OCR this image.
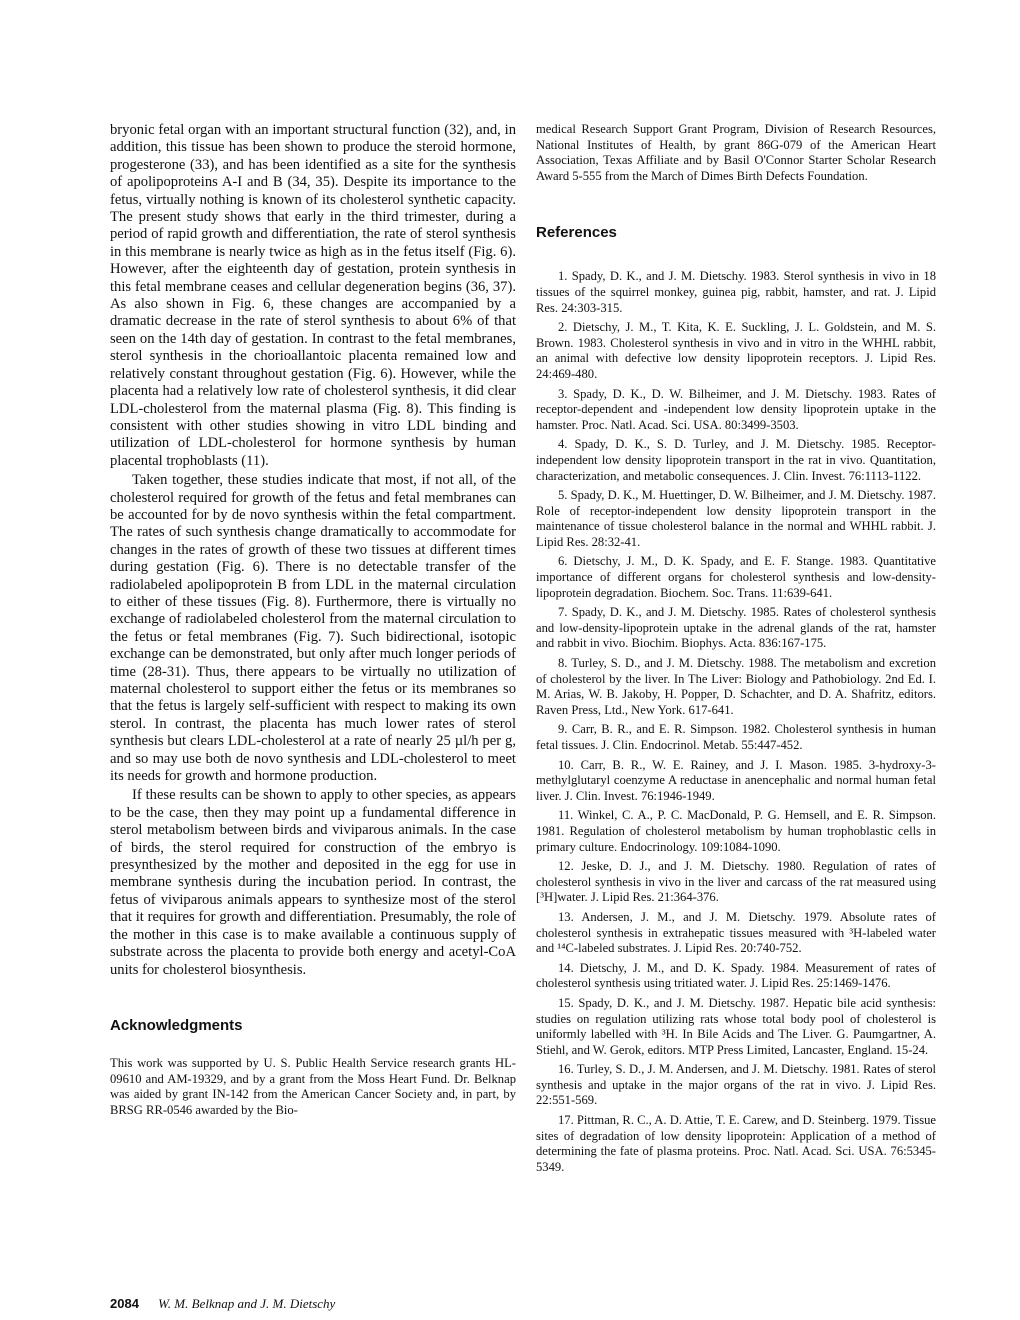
bryonic fetal organ with an important structural function (32), and, in addition, this tissue has been shown to produce the steroid hormone, progesterone (33), and has been identified as a site for the synthesis of apolipoproteins A-I and B (34, 35). Despite its importance to the fetus, virtually nothing is known of its cholesterol synthetic capacity. The present study shows that early in the third trimester, during a period of rapid growth and differentiation, the rate of sterol synthesis in this membrane is nearly twice as high as in the fetus itself (Fig. 6). However, after the eighteenth day of gestation, protein synthesis in this fetal membrane ceases and cellular degeneration begins (36, 37). As also shown in Fig. 6, these changes are accompanied by a dramatic decrease in the rate of sterol synthesis to about 6% of that seen on the 14th day of gestation. In contrast to the fetal membranes, sterol synthesis in the chorioallantoic placenta remained low and relatively constant throughout gestation (Fig. 6). However, while the placenta had a relatively low rate of cholesterol synthesis, it did clear LDL-cholesterol from the maternal plasma (Fig. 8). This finding is consistent with other studies showing in vitro LDL binding and utilization of LDL-cholesterol for hormone synthesis by human placental trophoblasts (11).

Taken together, these studies indicate that most, if not all, of the cholesterol required for growth of the fetus and fetal membranes can be accounted for by de novo synthesis within the fetal compartment. The rates of such synthesis change dramatically to accommodate for changes in the rates of growth of these two tissues at different times during gestation (Fig. 6). There is no detectable transfer of the radiolabeled apolipoprotein B from LDL in the maternal circulation to either of these tissues (Fig. 8). Furthermore, there is virtually no exchange of radiolabeled cholesterol from the maternal circulation to the fetus or fetal membranes (Fig. 7). Such bidirectional, isotopic exchange can be demonstrated, but only after much longer periods of time (28-31). Thus, there appears to be virtually no utilization of maternal cholesterol to support either the fetus or its membranes so that the fetus is largely self-sufficient with respect to making its own sterol. In contrast, the placenta has much lower rates of sterol synthesis but clears LDL-cholesterol at a rate of nearly 25 µl/h per g, and so may use both de novo synthesis and LDL-cholesterol to meet its needs for growth and hormone production.

If these results can be shown to apply to other species, as appears to be the case, then they may point up a fundamental difference in sterol metabolism between birds and viviparous animals. In the case of birds, the sterol required for construction of the embryo is presynthesized by the mother and deposited in the egg for use in membrane synthesis during the incubation period. In contrast, the fetus of viviparous animals appears to synthesize most of the sterol that it requires for growth and differentiation. Presumably, the role of the mother in this case is to make available a continuous supply of substrate across the placenta to provide both energy and acetyl-CoA units for cholesterol biosynthesis.

Acknowledgments

This work was supported by U. S. Public Health Service research grants HL-09610 and AM-19329, and by a grant from the Moss Heart Fund. Dr. Belknap was aided by grant IN-142 from the American Cancer Society and, in part, by BRSG RR-0546 awarded by the Bio-

medical Research Support Grant Program, Division of Research Resources, National Institutes of Health, by grant 86G-079 of the American Heart Association, Texas Affiliate and by Basil O'Connor Starter Scholar Research Award 5-555 from the March of Dimes Birth Defects Foundation.

References

1. Spady, D. K., and J. M. Dietschy. 1983. Sterol synthesis in vivo in 18 tissues of the squirrel monkey, guinea pig, rabbit, hamster, and rat. J. Lipid Res. 24:303-315.

2. Dietschy, J. M., T. Kita, K. E. Suckling, J. L. Goldstein, and M. S. Brown. 1983. Cholesterol synthesis in vivo and in vitro in the WHHL rabbit, an animal with defective low density lipoprotein receptors. J. Lipid Res. 24:469-480.

3. Spady, D. K., D. W. Bilheimer, and J. M. Dietschy. 1983. Rates of receptor-dependent and -independent low density lipoprotein uptake in the hamster. Proc. Natl. Acad. Sci. USA. 80:3499-3503.

4. Spady, D. K., S. D. Turley, and J. M. Dietschy. 1985. Receptor-independent low density lipoprotein transport in the rat in vivo. Quantitation, characterization, and metabolic consequences. J. Clin. Invest. 76:1113-1122.

5. Spady, D. K., M. Huettinger, D. W. Bilheimer, and J. M. Dietschy. 1987. Role of receptor-independent low density lipoprotein transport in the maintenance of tissue cholesterol balance in the normal and WHHL rabbit. J. Lipid Res. 28:32-41.

6. Dietschy, J. M., D. K. Spady, and E. F. Stange. 1983. Quantitative importance of different organs for cholesterol synthesis and low-density-lipoprotein degradation. Biochem. Soc. Trans. 11:639-641.

7. Spady, D. K., and J. M. Dietschy. 1985. Rates of cholesterol synthesis and low-density-lipoprotein uptake in the adrenal glands of the rat, hamster and rabbit in vivo. Biochim. Biophys. Acta. 836:167-175.

8. Turley, S. D., and J. M. Dietschy. 1988. The metabolism and excretion of cholesterol by the liver. In The Liver: Biology and Pathobiology. 2nd Ed. I. M. Arias, W. B. Jakoby, H. Popper, D. Schachter, and D. A. Shafritz, editors. Raven Press, Ltd., New York. 617-641.

9. Carr, B. R., and E. R. Simpson. 1982. Cholesterol synthesis in human fetal tissues. J. Clin. Endocrinol. Metab. 55:447-452.

10. Carr, B. R., W. E. Rainey, and J. I. Mason. 1985. 3-hydroxy-3-methylglutaryl coenzyme A reductase in anencephalic and normal human fetal liver. J. Clin. Invest. 76:1946-1949.

11. Winkel, C. A., P. C. MacDonald, P. G. Hemsell, and E. R. Simpson. 1981. Regulation of cholesterol metabolism by human trophoblastic cells in primary culture. Endocrinology. 109:1084-1090.

12. Jeske, D. J., and J. M. Dietschy. 1980. Regulation of rates of cholesterol synthesis in vivo in the liver and carcass of the rat measured using [³H]water. J. Lipid Res. 21:364-376.

13. Andersen, J. M., and J. M. Dietschy. 1979. Absolute rates of cholesterol synthesis in extrahepatic tissues measured with ³H-labeled water and ¹⁴C-labeled substrates. J. Lipid Res. 20:740-752.

14. Dietschy, J. M., and D. K. Spady. 1984. Measurement of rates of cholesterol synthesis using tritiated water. J. Lipid Res. 25:1469-1476.

15. Spady, D. K., and J. M. Dietschy. 1987. Hepatic bile acid synthesis: studies on regulation utilizing rats whose total body pool of cholesterol is uniformly labelled with ³H. In Bile Acids and The Liver. G. Paumgartner, A. Stiehl, and W. Gerok, editors. MTP Press Limited, Lancaster, England. 15-24.

16. Turley, S. D., J. M. Andersen, and J. M. Dietschy. 1981. Rates of sterol synthesis and uptake in the major organs of the rat in vivo. J. Lipid Res. 22:551-569.

17. Pittman, R. C., A. D. Attie, T. E. Carew, and D. Steinberg. 1979. Tissue sites of degradation of low density lipoprotein: Application of a method of determining the fate of plasma proteins. Proc. Natl. Acad. Sci. USA. 76:5345-5349.

2084 W. M. Belknap and J. M. Dietschy
